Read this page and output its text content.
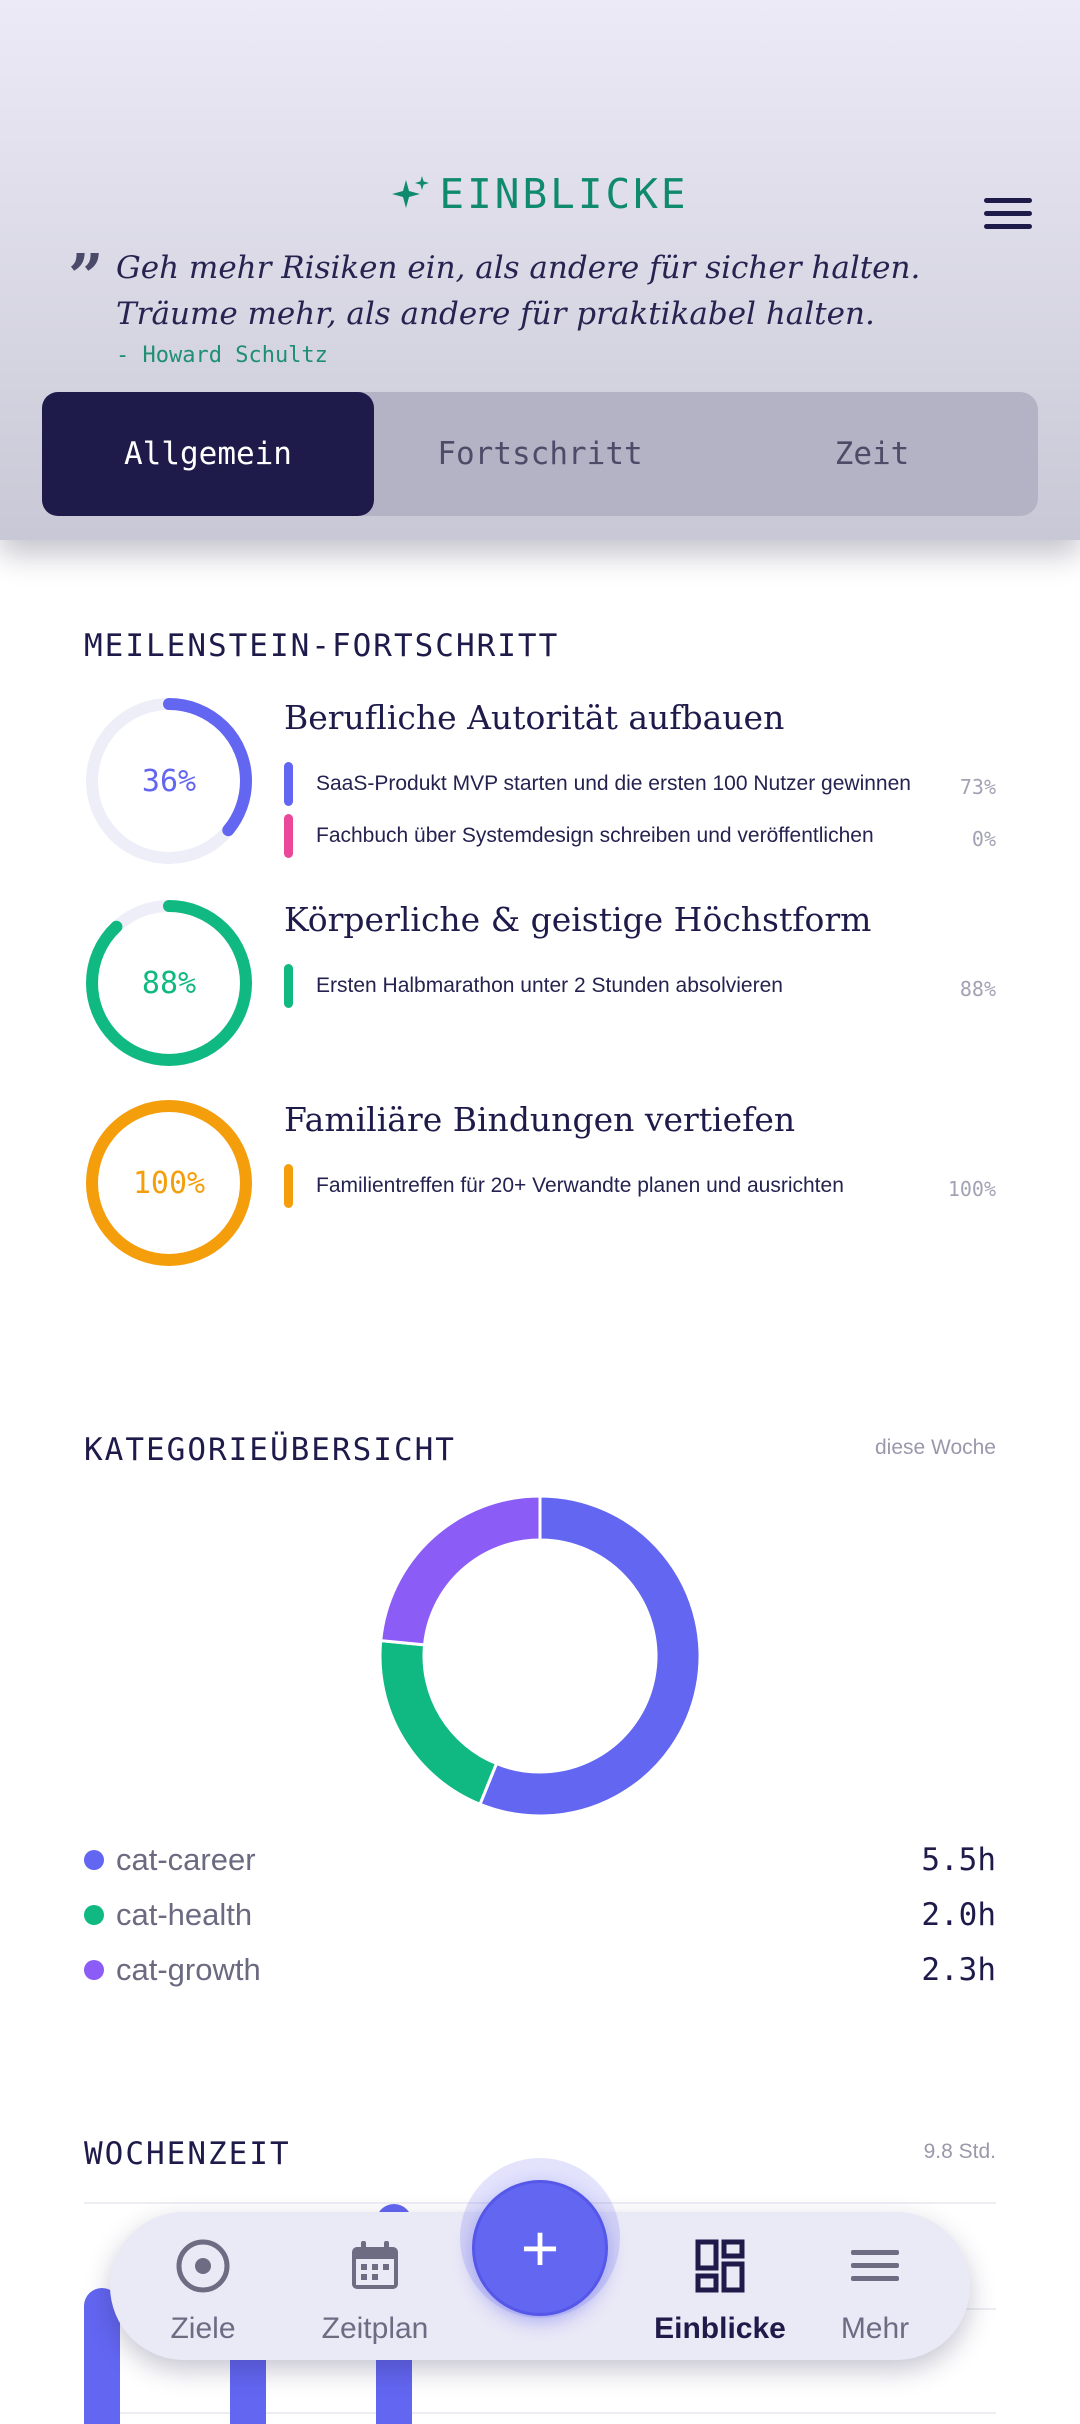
EINBLICKE
” Geh mehr Risiken ein, als andere für sicher halten. Träume mehr, als andere für praktikabel halten.
- Howard Schultz
Allgemein	Fortschritt	Zeit
MEILENSTEIN-FORTSCHRITT
36%
Berufliche Autorität aufbauen
SaaS-Produkt MVP starten und die ersten 100 Nutzer gewinnen 73%
Fachbuch über Systemdesign schreiben und veröffentlichen	0%
88%
Körperliche & geistige Höchstform
Ersten Halbmarathon unter 2 Stunden absolvieren	88%
100%
Familiäre Bindungen vertiefen
Familientreffen für 20+ Verwandte planen und ausrichten	100%
KATEGORIEÜBERSICHT	diese Woche
cat-career	5.5h
cat-health	2.0h
cat-growth	2.3h
WOCHENZEIT	9.8 Std.
Ziele	Zeitplan	Einblicke	Mehr
+
